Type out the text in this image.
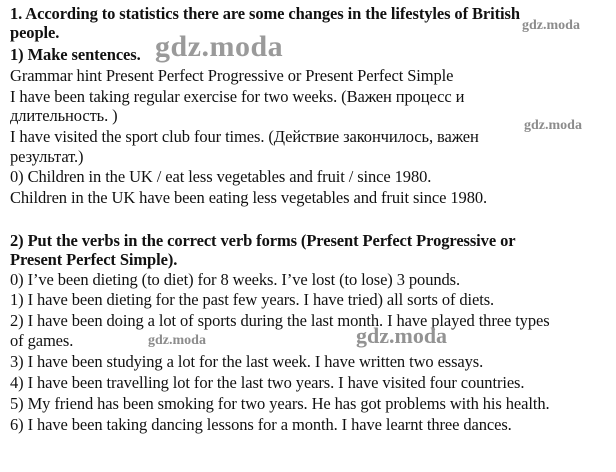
1. According to statistics there are some changes in the lifestyles of British
people.
1) Make sentences.
Grammar hint Present Perfect Progressive or Present Perfect Simple
I have been taking regular exercise for two weeks. (Важен процесс и
длительность. )
I have visited the sport club four times. (Действие закончилось, важен
результат.)
0) Children in the UK / eat less vegetables and fruit / since 1980.
Children in the UK have been eating less vegetables and fruit since 1980.
2) Put the verbs in the correct verb forms (Present Perfect Progressive or
Present Perfect Simple).
0) I’ve been dieting (to diet) for 8 weeks. I’ve lost (to lose) 3 pounds.
1) I have been dieting for the past few years. I have tried) all sorts of diets.
2) I have been doing a lot of sports during the last month. I have played three types
of games.
3) I have been studying a lot for the last week. I have written two essays.
4) I have been travelling lot for the last two years. I have visited four countries.
5) My friend has been smoking for two years. He has got problems with his health.
6) I have been taking dancing lessons for a month. I have learnt three dances.
gdz.moda
gdz.moda
gdz.moda
gdz.moda	gdz.moda
